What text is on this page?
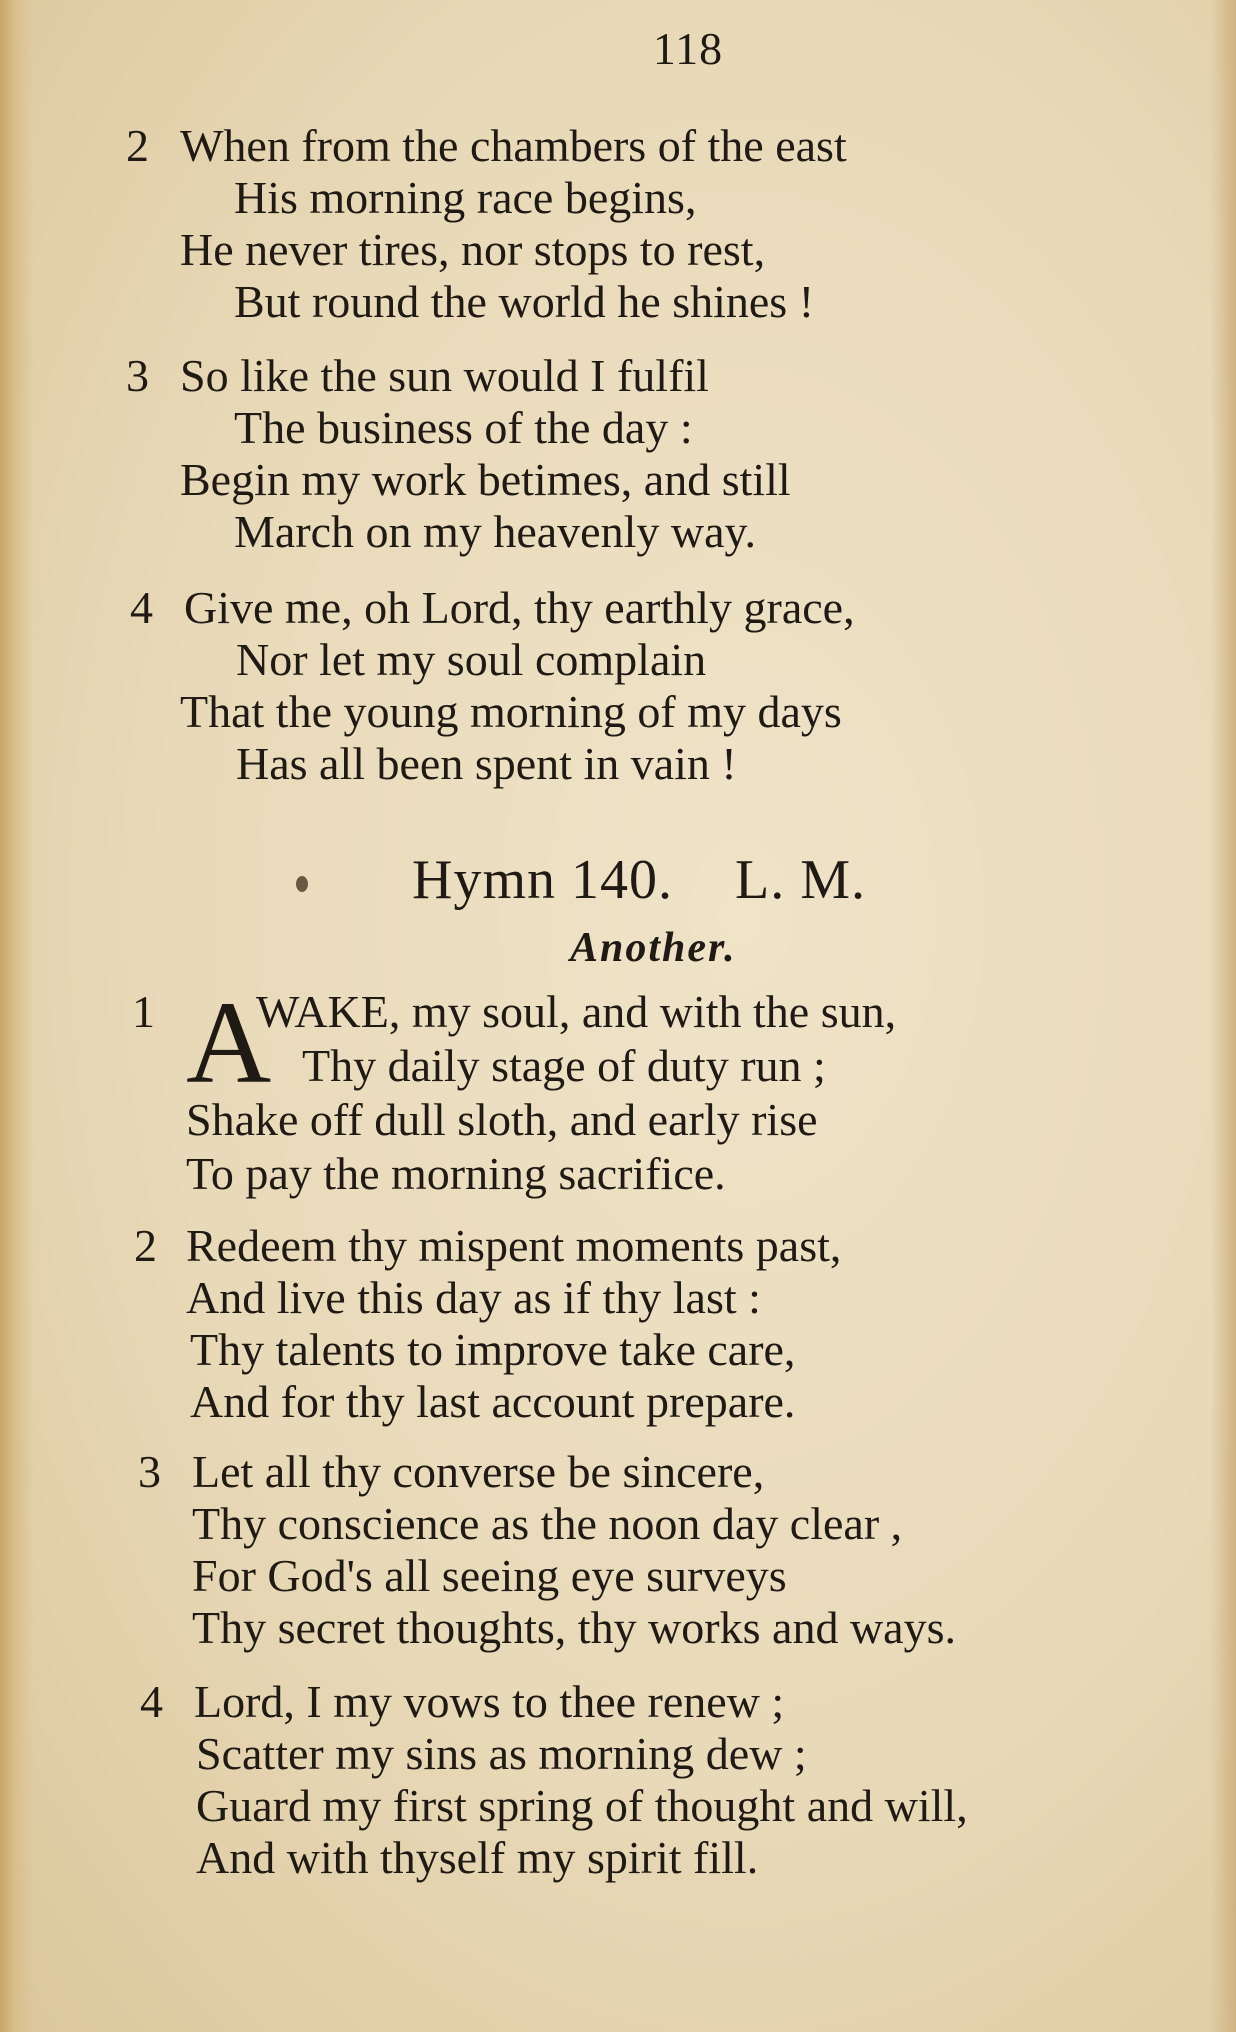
118
2 When from the chambers of the east
His morning race begins,
He never tires, nor stops to rest,
But round the world he shines !
3 So like the sun would I fulfil
The business of the day :
Begin my work betimes, and still
March on my heavenly way.
4 Give me, oh Lord, thy earthly grace,
Nor let my soul complain
That the young morning of my days
Has all been spent in vain !
Hymn 140. L. M.
Another.
1 A
WAKE, my soul, and with the sun,
Thy daily stage of duty run ;
Shake off dull sloth, and early rise
To pay the morning sacrifice.
2 Redeem thy mispent moments past,
And live this day as if thy last :
Thy talents to improve take care,
And for thy last account prepare.
3 Let all thy converse be sincere,
Thy conscience as the noon day clear ,
For God's all seeing eye surveys
Thy secret thoughts, thy works and ways.
4 Lord, I my vows to thee renew ;
Scatter my sins as morning dew ;
Guard my first spring of thought and will,
And with thyself my spirit fill.
